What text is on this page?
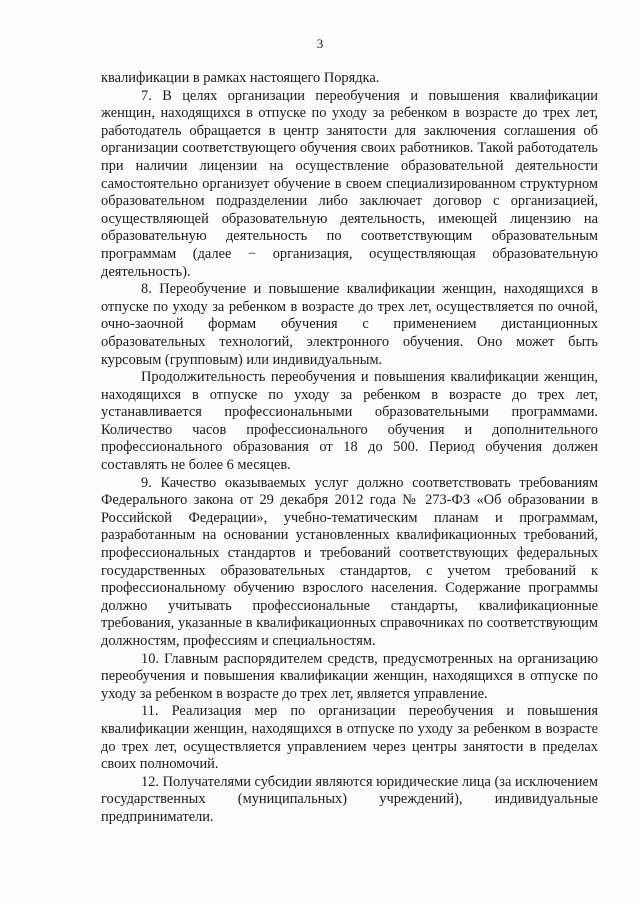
3

квалификации в рамках настоящего Порядка.

7. В целях организации переобучения и повышения квалификации женщин, находящихся в отпуске по уходу за ребенком в возрасте до трех лет, работодатель обращается в центр занятости для заключения соглашения об организации соответствующего обучения своих работников. Такой работодатель при наличии лицензии на осуществление образовательной деятельности самостоятельно организует обучение в своем специализированном структурном образовательном подразделении либо заключает договор с организацией, осуществляющей образовательную деятельность, имеющей лицензию на образовательную деятельность по соответствующим образовательным программам (далее − организация, осуществляющая образовательную деятельность).

8. Переобучение и повышение квалификации женщин, находящихся в отпуске по уходу за ребенком в возрасте до трех лет, осуществляется по очной, очно-заочной формам обучения с применением дистанционных образовательных технологий, электронного обучения. Оно может быть курсовым (групповым) или индивидуальным.

Продолжительность переобучения и повышения квалификации женщин, находящихся в отпуске по уходу за ребенком в возрасте до трех лет, устанавливается профессиональными образовательными программами. Количество часов профессионального обучения и дополнительного профессионального образования от 18 до 500. Период обучения должен составлять не более 6 месяцев.

9. Качество оказываемых услуг должно соответствовать требованиям Федерального закона от 29 декабря 2012 года № 273-ФЗ «Об образовании в Российской Федерации», учебно-тематическим планам и программам, разработанным на основании установленных квалификационных требований, профессиональных стандартов и требований соответствующих федеральных государственных образовательных стандартов, с учетом требований к профессиональному обучению взрослого населения. Содержание программы должно учитывать профессиональные стандарты, квалификационные требования, указанные в квалификационных справочниках по соответствующим должностям, профессиям и специальностям.

10. Главным распорядителем средств, предусмотренных на организацию переобучения и повышения квалификации женщин, находящихся в отпуске по уходу за ребенком в возрасте до трех лет, является управление.

11. Реализация мер по организации переобучения и повышения квалификации женщин, находящихся в отпуске по уходу за ребенком в возрасте до трех лет, осуществляется управлением через центры занятости в пределах своих полномочий.

12. Получателями субсидии являются юридические лица (за исключением государственных (муниципальных) учреждений), индивидуальные предприниматели.
